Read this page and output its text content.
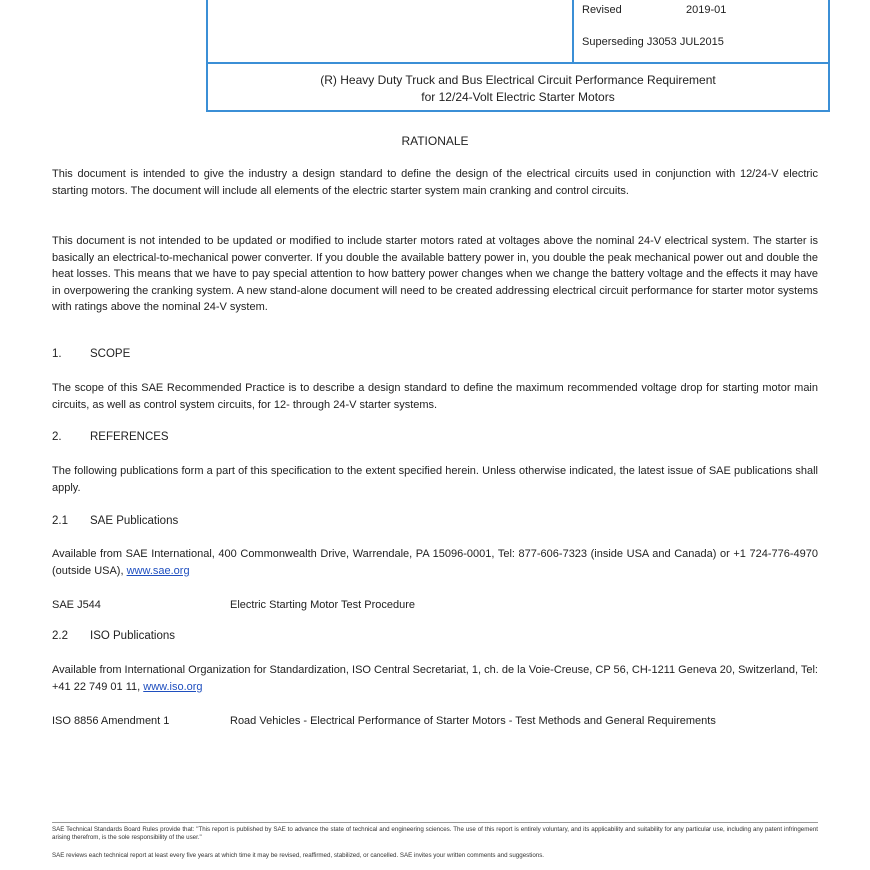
Revised	2019-01
Superseding J3053 JUL2015
(R) Heavy Duty Truck and Bus Electrical Circuit Performance Requirement
for 12/24-Volt Electric Starter Motors
RATIONALE
This document is intended to give the industry a design standard to define the design of the electrical circuits used in conjunction with 12/24-V electric starting motors. The document will include all elements of the electric starter system main cranking and control circuits.
This document is not intended to be updated or modified to include starter motors rated at voltages above the nominal 24-V electrical system. The starter is basically an electrical-to-mechanical power converter. If you double the available battery power in, you double the peak mechanical power out and double the heat losses. This means that we have to pay special attention to how battery power changes when we change the battery voltage and the effects it may have in overpowering the cranking system. A new stand-alone document will need to be created addressing electrical circuit performance for starter motor systems with ratings above the nominal 24-V system.
1. SCOPE
The scope of this SAE Recommended Practice is to describe a design standard to define the maximum recommended voltage drop for starting motor main circuits, as well as control system circuits, for 12- through 24-V starter systems.
2. REFERENCES
The following publications form a part of this specification to the extent specified herein. Unless otherwise indicated, the latest issue of SAE publications shall apply.
2.1 SAE Publications
Available from SAE International, 400 Commonwealth Drive, Warrendale, PA 15096-0001, Tel: 877-606-7323 (inside USA and Canada) or +1 724-776-4970 (outside USA), www.sae.org
SAE J544	Electric Starting Motor Test Procedure
2.2 ISO Publications
Available from International Organization for Standardization, ISO Central Secretariat, 1, ch. de la Voie-Creuse, CP 56, CH-1211 Geneva 20, Switzerland, Tel: +41 22 749 01 11, www.iso.org
ISO 8856 Amendment 1	Road Vehicles - Electrical Performance of Starter Motors - Test Methods and General Requirements
SAE Technical Standards Board Rules provide that: "This report is published by SAE to advance the state of technical and engineering sciences. The use of this report is entirely voluntary, and its applicability and suitability for any particular use, including any patent infringement arising therefrom, is the sole responsibility of the user."
SAE reviews each technical report at least every five years at which time it may be revised, reaffirmed, stabilized, or cancelled. SAE invites your written comments and suggestions.
